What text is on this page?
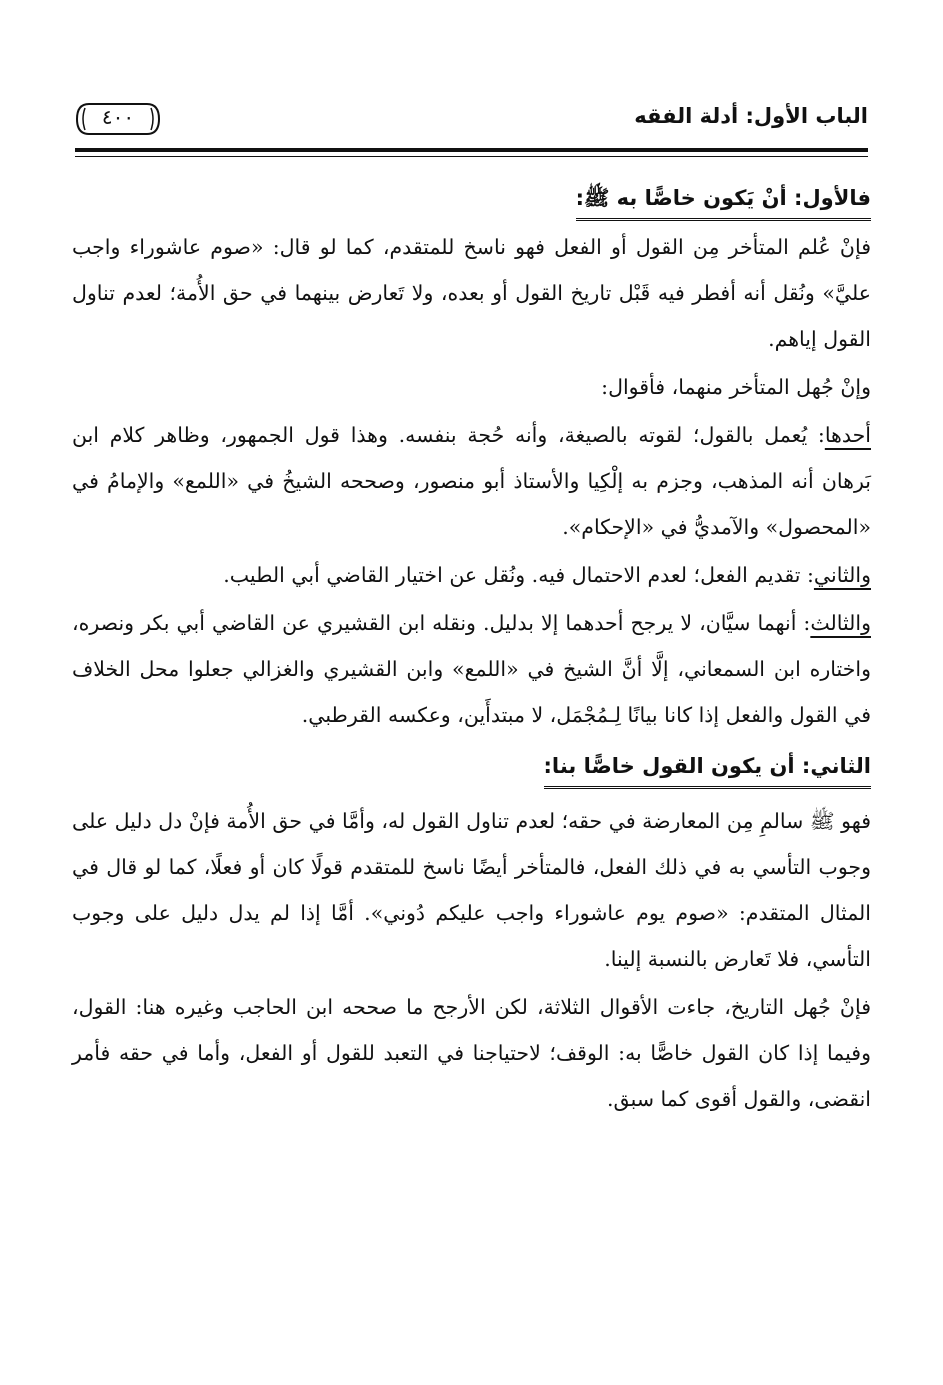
الباب الأول: أدلة الفقه
٤٠٠
فالأول: أنْ يَكون خاصًّا به ﷺ:

فإنْ عُلم المتأخر مِن القول أو الفعل فهو ناسخ للمتقدم، كما لو قال: «صوم عاشوراء واجب عليَّ» ونُقل أنه أفطر فيه قَبْل تاريخ القول أو بعده، ولا تَعارض بينهما في حق الأُمة؛ لعدم تناول القول إياهم.

وإنْ جُهل المتأخر منهما، فأقوال:

أحدها: يُعمل بالقول؛ لقوته بالصيغة، وأنه حُجة بنفسه. وهذا قول الجمهور، وظاهر كلام ابن بَرهان أنه المذهب، وجزم به إلْكِيا والأستاذ أبو منصور، وصححه الشيخُ في «اللمع» والإمامُ في «المحصول» والآمديُّ في «الإحكام».

والثاني: تقديم الفعل؛ لعدم الاحتمال فيه. ونُقل عن اختيار القاضي أبي الطيب.

والثالث: أنهما سيَّان، لا يرجح أحدهما إلا بدليل. ونقله ابن القشيري عن القاضي أبي بكر ونصره، واختاره ابن السمعاني، إلَّا أنَّ الشيخ في «اللمع» وابن القشيري والغزالي جعلوا محل الخلاف في القول والفعل إذا كانا بيانًا لِـمُجْمَل، لا مبتدأَين، وعكسه القرطبي.

الثاني: أن يكون القول خاصًّا بنا:

فهو ﷺ سالمِ مِن المعارضة في حقه؛ لعدم تناول القول له، وأمَّا في حق الأُمة فإنْ دل دليل على وجوب التأسي به في ذلك الفعل، فالمتأخر أيضًا ناسخ للمتقدم قولًا كان أو فعلًا، كما لو قال في المثال المتقدم: «صوم يوم عاشوراء واجب عليكم دُوني». أمَّا إذا لم يدل دليل على وجوب التأسي، فلا تَعارض بالنسبة إلينا.

فإنْ جُهل التاريخ، جاءت الأقوال الثلاثة، لكن الأرجح ما صححه ابن الحاجب وغيره هنا: القول، وفيما إذا كان القول خاصًّا به: الوقف؛ لاحتياجنا في التعبد للقول أو الفعل، وأما في حقه فأمر انقضى، والقول أقوى كما سبق.
